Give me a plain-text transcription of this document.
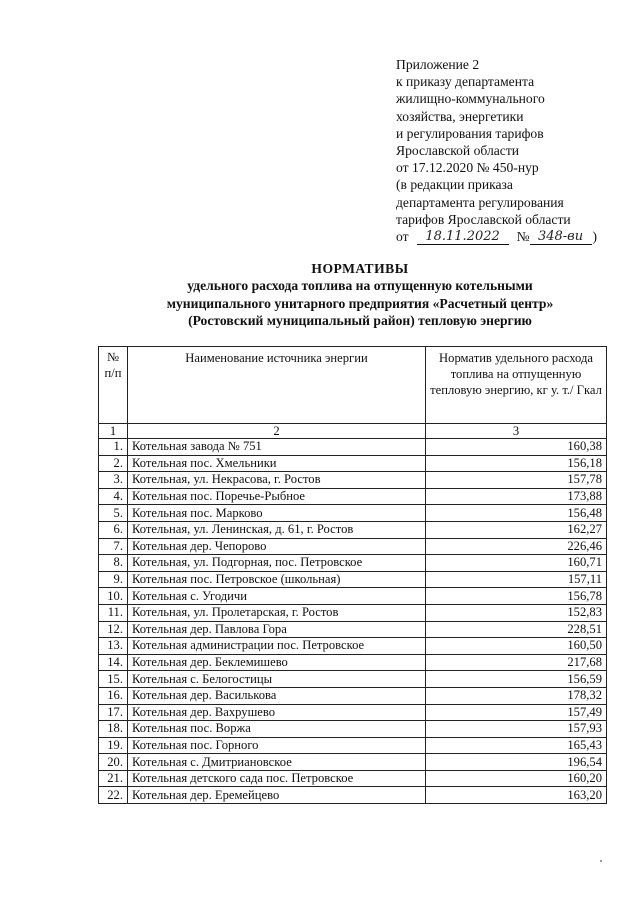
Приложение 2
к приказу департамента
жилищно-коммунального
хозяйства, энергетики
и регулирования тарифов
Ярославской области
от 17.12.2020 № 450-нур
(в редакции приказа
департамента регулирования
тарифов Ярославской области
от	18.11.2022	№ 348-ви )
НОРМАТИВЫ
удельного расхода топлива на отпущенную котельными
муниципального унитарного предприятия «Расчетный центр»
(Ростовский муниципальный район) тепловую энергию
№ п/п	Наименование источника энергии	Норматив удельного расхода топлива на отпущенную тепловую энергию, кг у. т./ Гкал
1	2	3
1.	Котельная завода № 751	160,38
2.	Котельная пос. Хмельники	156,18
3.	Котельная, ул. Некрасова, г. Ростов	157,78
4.	Котельная пос. Поречье-Рыбное	173,88
5.	Котельная пос. Марково	156,48
6.	Котельная, ул. Ленинская, д. 61, г. Ростов	162,27
7.	Котельная дер. Чепорово	226,46
8.	Котельная, ул. Подгорная, пос. Петровское	160,71
9.	Котельная пос. Петровское (школьная)	157,11
10.	Котельная с. Угодичи	156,78
11.	Котельная, ул. Пролетарская, г. Ростов	152,83
12.	Котельная дер. Павлова Гора	228,51
13.	Котельная администрации пос. Петровское	160,50
14.	Котельная дер. Беклемишево	217,68
15.	Котельная с. Белогостицы	156,59
16.	Котельная дер. Василькова	178,32
17.	Котельная дер. Вахрушево	157,49
18.	Котельная пос. Воржа	157,93
19.	Котельная пос. Горного	165,43
20.	Котельная с. Дмитриановское	196,54
21.	Котельная детского сада пос. Петровское	160,20
22.	Котельная дер. Еремейцево	163,20
